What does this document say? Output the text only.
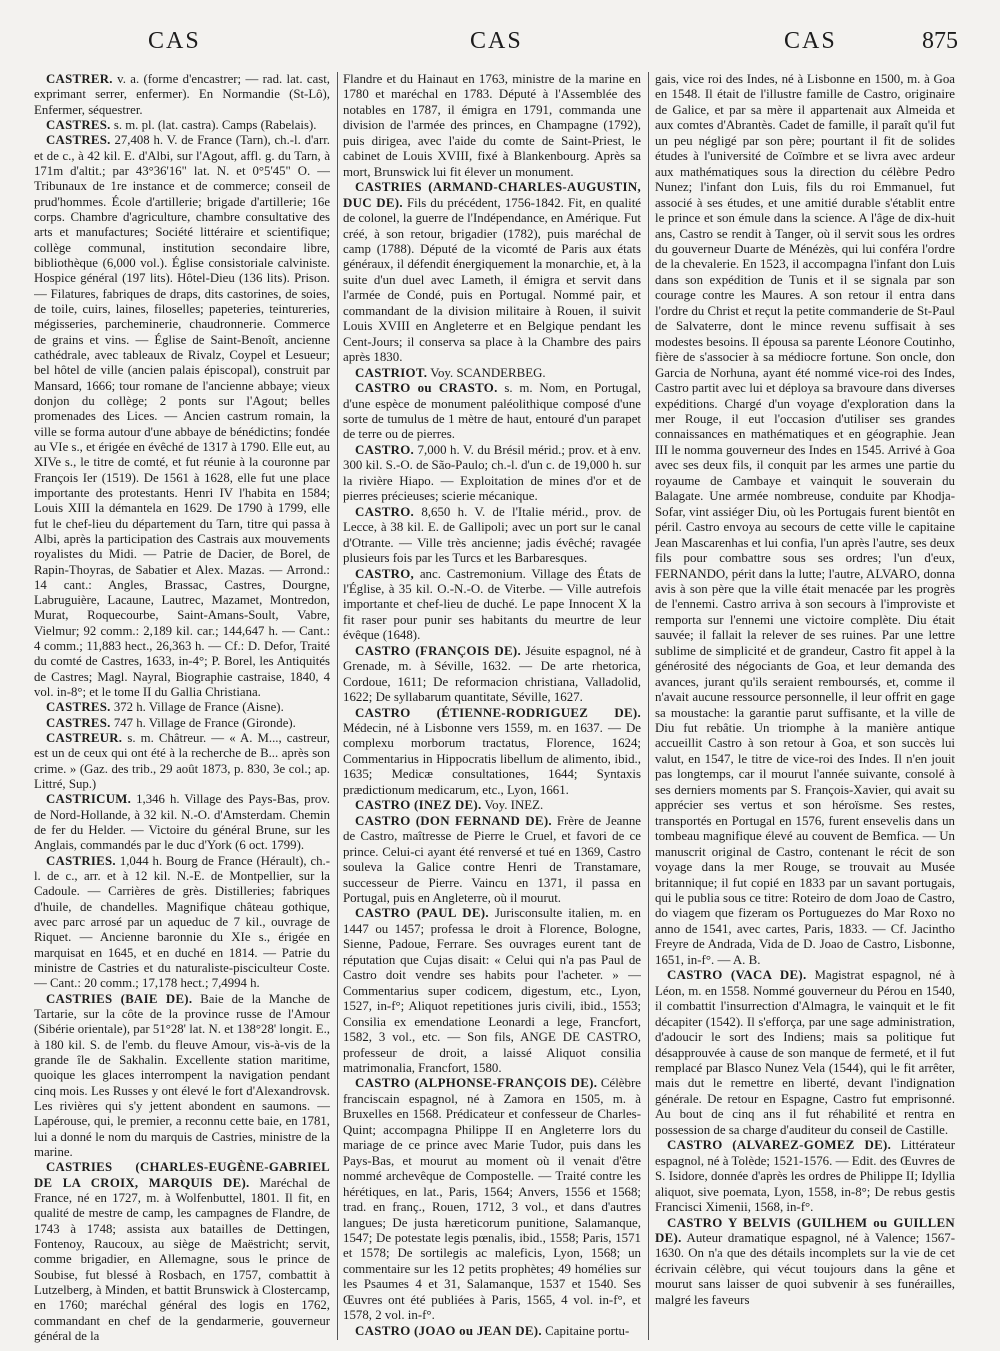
CAS	CAS	CAS	875

CASTRER. v. a. (forme d'encastrer; — rad. lat. cast, exprimant serrer, enfermer). En Normandie (St-Lô), Enfermer, séquestrer.

CASTRES. s. m. pl. (lat. castra). Camps (Rabelais).

CASTRES. 27,408 h. V. de France (Tarn), ch.-l. d'arr. et de c., à 42 kil. E. d'Albi, sur l'Agout, affl. g. du Tarn, à 171m d'altit.; par 43°36'16" lat. N. et 0°5'45" O. — Tribunaux de 1re instance et de commerce; conseil de prud'hommes. École d'artillerie; brigade d'artillerie; 16e corps. Chambre d'agriculture, chambre consultative des arts et manufactures; Société littéraire et scientifique; collège communal, institution secondaire libre, bibliothèque (6,000 vol.). Église consistoriale calviniste. Hospice général (197 lits). Hôtel-Dieu (136 lits). Prison. — Filatures, fabriques de draps, dits castorines, de soies, de toile, cuirs, laines, filoselles; papeteries, teintureries, mégisseries, parcheminerie, chaudronnerie. Commerce de grains et vins. — Église de Saint-Benoît, ancienne cathédrale, avec tableaux de Rivalz, Coypel et Lesueur; bel hôtel de ville (ancien palais épiscopal), construit par Mansard, 1666; tour romane de l'ancienne abbaye; vieux donjon du collège; 2 ponts sur l'Agout; belles promenades des Lices. — Ancien castrum romain, la ville se forma autour d'une abbaye de bénédictins; fondée au VIe s., et érigée en évêché de 1317 à 1790. Elle eut, au XIVe s., le titre de comté, et fut réunie à la couronne par François Ier (1519). De 1561 à 1628, elle fut une place importante des protestants. Henri IV l'habita en 1584; Louis XIII la démantela en 1629. De 1790 à 1799, elle fut le chef-lieu du département du Tarn, titre qui passa à Albi, après la participation des Castrais aux mouvements royalistes du Midi. — Patrie de Dacier, de Borel, de Rapin-Thoyras, de Sabatier et Alex. Mazas. — Arrond.: 14 cant.: Angles, Brassac, Castres, Dourgne, Labruguière, Lacaune, Lautrec, Mazamet, Montredon, Murat, Roquecourbe, Saint-Amans-Soult, Vabre, Vielmur; 92 comm.: 2,189 kil. car.; 144,647 h. — Cant.: 4 comm.; 11,883 hect., 26,363 h. — Cf.: D. Defor, Traité du comté de Castres, 1633, in-4°; P. Borel, les Antiquités de Castres; Magl. Nayral, Biographie castraise, 1840, 4 vol. in-8°; et le tome II du Gallia Christiana.

CASTRES. 372 h. Village de France (Aisne).

CASTRES. 747 h. Village de France (Gironde).

CASTREUR. s. m. Châtreur. — « A. M..., castreur, est un de ceux qui ont été à la recherche de B... après son crime. » (Gaz. des trib., 29 août 1873, p. 830, 3e col.; ap. Littré, Sup.)

CASTRICUM. 1,346 h. Village des Pays-Bas, prov. de Nord-Hollande, à 32 kil. N.-O. d'Amsterdam. Chemin de fer du Helder. — Victoire du général Brune, sur les Anglais, commandés par le duc d'York (6 oct. 1799).

CASTRIES. 1,044 h. Bourg de France (Hérault), ch.-l. de c., arr. et à 12 kil. N.-E. de Montpellier, sur la Cadoule. — Carrières de grès. Distilleries; fabriques d'huile, de chandelles. Magnifique château gothique, avec parc arrosé par un aqueduc de 7 kil., ouvrage de Riquet. — Ancienne baronnie du XIe s., érigée en marquisat en 1645, et en duché en 1814. — Patrie du ministre de Castries et du naturaliste-pisciculteur Coste. — Cant.: 20 comm.; 17,178 hect.; 7,4994 h.

CASTRIES (BAIE DE). Baie de la Manche de Tartarie, sur la côte de la province russe de l'Amour (Sibérie orientale), par 51°28' lat. N. et 138°28' longit. E., à 180 kil. S. de l'emb. du fleuve Amour, vis-à-vis de la grande île de Sakhalin. Excellente station maritime, quoique les glaces interrompent la navigation pendant cinq mois. Les Russes y ont élevé le fort d'Alexandrovsk. Les rivières qui s'y jettent abondent en saumons. — Lapérouse, qui, le premier, a reconnu cette baie, en 1781, lui a donné le nom du marquis de Castries, ministre de la marine.

CASTRIES (CHARLES-EUGÈNE-GABRIEL DE LA CROIX, MARQUIS DE). Maréchal de France, né en 1727, m. à Wolfenbuttel, 1801. Il fit, en qualité de mestre de camp, les campagnes de Flandre, de 1743 à 1748; assista aux batailles de Dettingen, Fontenoy, Raucoux, au siège de Maëstricht; servit, comme brigadier, en Allemagne, sous le prince de Soubise, fut blessé à Rosbach, en 1757, combattit à Lutzelberg, à Minden, et battit Brunswick à Clostercamp, en 1760; maréchal général des logis en 1762, commandant en chef de la gendarmerie, gouverneur général de la

Flandre et du Hainaut en 1763, ministre de la marine en 1780 et maréchal en 1783. Député à l'Assemblée des notables en 1787, il émigra en 1791, commanda une division de l'armée des princes, en Champagne (1792), puis dirigea, avec l'aide du comte de Saint-Priest, le cabinet de Louis XVIII, fixé à Blankenbourg. Après sa mort, Brunswick lui fit élever un monument.

CASTRIES (ARMAND-CHARLES-AUGUSTIN, DUC DE). Fils du précédent, 1756-1842. Fit, en qualité de colonel, la guerre de l'Indépendance, en Amérique. Fut créé, à son retour, brigadier (1782), puis maréchal de camp (1788). Député de la vicomté de Paris aux états généraux, il défendit énergiquement la monarchie, et, à la suite d'un duel avec Lameth, il émigra et servit dans l'armée de Condé, puis en Portugal. Nommé pair, et commandant de la division militaire à Rouen, il suivit Louis XVIII en Angleterre et en Belgique pendant les Cent-Jours; il conserva sa place à la Chambre des pairs après 1830.

CASTRIOT. Voy. SCANDERBEG.

CASTRO ou CRASTO. s. m. Nom, en Portugal, d'une espèce de monument paléolithique composé d'une sorte de tumulus de 1 mètre de haut, entouré d'un parapet de terre ou de pierres.

CASTRO. 7,000 h. V. du Brésil mérid.; prov. et à env. 300 kil. S.-O. de São-Paulo; ch.-l. d'un c. de 19,000 h. sur la rivière Hiapo. — Exploitation de mines d'or et de pierres précieuses; scierie mécanique.

CASTRO. 8,650 h. V. de l'Italie mérid., prov. de Lecce, à 38 kil. E. de Gallipoli; avec un port sur le canal d'Otrante. — Ville très ancienne; jadis évêché; ravagée plusieurs fois par les Turcs et les Barbaresques.

CASTRO, anc. Castremonium. Village des États de l'Église, à 35 kil. O.-N.-O. de Viterbe. — Ville autrefois importante et chef-lieu de duché. Le pape Innocent X la fit raser pour punir ses habitants du meurtre de leur évêque (1648).

CASTRO (FRANÇOIS DE). Jésuite espagnol, né à Grenade, m. à Séville, 1632. — De arte rhetorica, Cordoue, 1611; De reformacion christiana, Valladolid, 1622; De syllabarum quantitate, Séville, 1627.

CASTRO (ÉTIENNE-RODRIGUEZ DE). Médecin, né à Lisbonne vers 1559, m. en 1637. — De complexu morborum tractatus, Florence, 1624; Commentarius in Hippocratis libellum de alimento, ibid., 1635; Medicæ consultationes, 1644; Syntaxis prædictionum medicarum, etc., Lyon, 1661.

CASTRO (INEZ DE). Voy. INEZ.

CASTRO (DON FERNAND DE). Frère de Jeanne de Castro, maîtresse de Pierre le Cruel, et favori de ce prince. Celui-ci ayant été renversé et tué en 1369, Castro souleva la Galice contre Henri de Transtamare, successeur de Pierre. Vaincu en 1371, il passa en Portugal, puis en Angleterre, où il mourut.

CASTRO (PAUL DE). Jurisconsulte italien, m. en 1447 ou 1457; professa le droit à Florence, Bologne, Sienne, Padoue, Ferrare. Ses ouvrages eurent tant de réputation que Cujas disait: « Celui qui n'a pas Paul de Castro doit vendre ses habits pour l'acheter. » — Commentarius super codicem, digestum, etc., Lyon, 1527, in-f°; Aliquot repetitiones juris civili, ibid., 1553; Consilia ex emendatione Leonardi a lege, Francfort, 1582, 3 vol., etc. — Son fils, ANGE DE CASTRO, professeur de droit, a laissé Aliquot consilia matrimonalia, Francfort, 1580.

CASTRO (ALPHONSE-FRANÇOIS DE). Célèbre franciscain espagnol, né à Zamora en 1505, m. à Bruxelles en 1568. Prédicateur et confesseur de Charles-Quint; accompagna Philippe II en Angleterre lors du mariage de ce prince avec Marie Tudor, puis dans les Pays-Bas, et mourut au moment où il venait d'être nommé archevêque de Compostelle. — Traité contre les hérétiques, en lat., Paris, 1564; Anvers, 1556 et 1568; trad. en franç., Rouen, 1712, 3 vol., et dans d'autres langues; De justa hæreticorum punitione, Salamanque, 1547; De potestate legis pœnalis, ibid., 1558; Paris, 1571 et 1578; De sortilegis ac maleficis, Lyon, 1568; un commentaire sur les 12 petits prophètes; 49 homélies sur les Psaumes 4 et 31, Salamanque, 1537 et 1540. Ses Œuvres ont été publiées à Paris, 1565, 4 vol. in-f°, et 1578, 2 vol. in-f°.

CASTRO (JOAO ou JEAN DE). Capitaine portu-

gais, vice roi des Indes, né à Lisbonne en 1500, m. à Goa en 1548. Il était de l'illustre famille de Castro, originaire de Galice, et par sa mère il appartenait aux Almeida et aux comtes d'Abrantès. Cadet de famille, il paraît qu'il fut un peu négligé par son père; pourtant il fit de solides études à l'université de Coïmbre et se livra avec ardeur aux mathématiques sous la direction du célèbre Pedro Nunez; l'infant don Luis, fils du roi Emmanuel, fut associé à ses études, et une amitié durable s'établit entre le prince et son émule dans la science. A l'âge de dix-huit ans, Castro se rendit à Tanger, où il servit sous les ordres du gouverneur Duarte de Ménézès, qui lui conféra l'ordre de la chevalerie. En 1523, il accompagna l'infant don Luis dans son expédition de Tunis et il se signala par son courage contre les Maures. A son retour il entra dans l'ordre du Christ et reçut la petite commanderie de St-Paul de Salvaterre, dont le mince revenu suffisait à ses modestes besoins. Il épousa sa parente Léonore Coutinho, fière de s'associer à sa médiocre fortune. Son oncle, don Garcia de Norhuna, ayant été nommé vice-roi des Indes, Castro partit avec lui et déploya sa bravoure dans diverses expéditions. Chargé d'un voyage d'exploration dans la mer Rouge, il eut l'occasion d'utiliser ses grandes connaissances en mathématiques et en géographie. Jean III le nomma gouverneur des Indes en 1545. Arrivé à Goa avec ses deux fils, il conquit par les armes une partie du royaume de Cambaye et vainquit le souverain du Balagate. Une armée nombreuse, conduite par Khodja-Sofar, vint assiéger Diu, où les Portugais furent bientôt en péril. Castro envoya au secours de cette ville le capitaine Jean Mascarenhas et lui confia, l'un après l'autre, ses deux fils pour combattre sous ses ordres; l'un d'eux, FERNANDO, périt dans la lutte; l'autre, ALVARO, donna avis à son père que la ville était menacée par les progrès de l'ennemi. Castro arriva à son secours à l'improviste et remporta sur l'ennemi une victoire complète. Diu était sauvée; il fallait la relever de ses ruines. Par une lettre sublime de simplicité et de grandeur, Castro fit appel à la générosité des négociants de Goa, et leur demanda des avances, jurant qu'ils seraient remboursés, et, comme il n'avait aucune ressource personnelle, il leur offrit en gage sa moustache: la garantie parut suffisante, et la ville de Diu fut rebâtie. Un triomphe à la manière antique accueillit Castro à son retour à Goa, et son succès lui valut, en 1547, le titre de vice-roi des Indes. Il n'en jouit pas longtemps, car il mourut l'année suivante, consolé à ses derniers moments par S. François-Xavier, qui avait su apprécier ses vertus et son héroïsme. Ses restes, transportés en Portugal en 1576, furent ensevelis dans un tombeau magnifique élevé au couvent de Bemfica. — Un manuscrit original de Castro, contenant le récit de son voyage dans la mer Rouge, se trouvait au Musée britannique; il fut copié en 1833 par un savant portugais, qui le publia sous ce titre: Roteiro de dom Joao de Castro, do viagem que fizeram os Portuguezes do Mar Roxo no anno de 1541, avec cartes, Paris, 1833. — Cf. Jacintho Freyre de Andrada, Vida de D. Joao de Castro, Lisbonne, 1651, in-f°. — A. B.

CASTRO (VACA DE). Magistrat espagnol, né à Léon, m. en 1558. Nommé gouverneur du Pérou en 1540, il combattit l'insurrection d'Almagra, le vainquit et le fit décapiter (1542). Il s'efforça, par une sage administration, d'adoucir le sort des Indiens; mais sa politique fut désapprouvée à cause de son manque de fermeté, et il fut remplacé par Blasco Nunez Vela (1544), qui le fit arrêter, mais dut le remettre en liberté, devant l'indignation générale. De retour en Espagne, Castro fut emprisonné. Au bout de cinq ans il fut réhabilité et rentra en possession de sa charge d'auditeur du conseil de Castille.

CASTRO (ALVAREZ-GOMEZ DE). Littérateur espagnol, né à Tolède; 1521-1576. — Edit. des Œuvres de S. Isidore, donnée d'après les ordres de Philippe II; Idyllia aliquot, sive poemata, Lyon, 1558, in-8°; De rebus gestis Francisci Ximenii, 1568, in-f°.

CASTRO Y BELVIS (GUILHEM ou GUILLEN DE). Auteur dramatique espagnol, né à Valence; 1567-1630. On n'a que des détails incomplets sur la vie de cet écrivain célèbre, qui vécut toujours dans la gêne et mourut sans laisser de quoi subvenir à ses funérailles, malgré les faveurs
